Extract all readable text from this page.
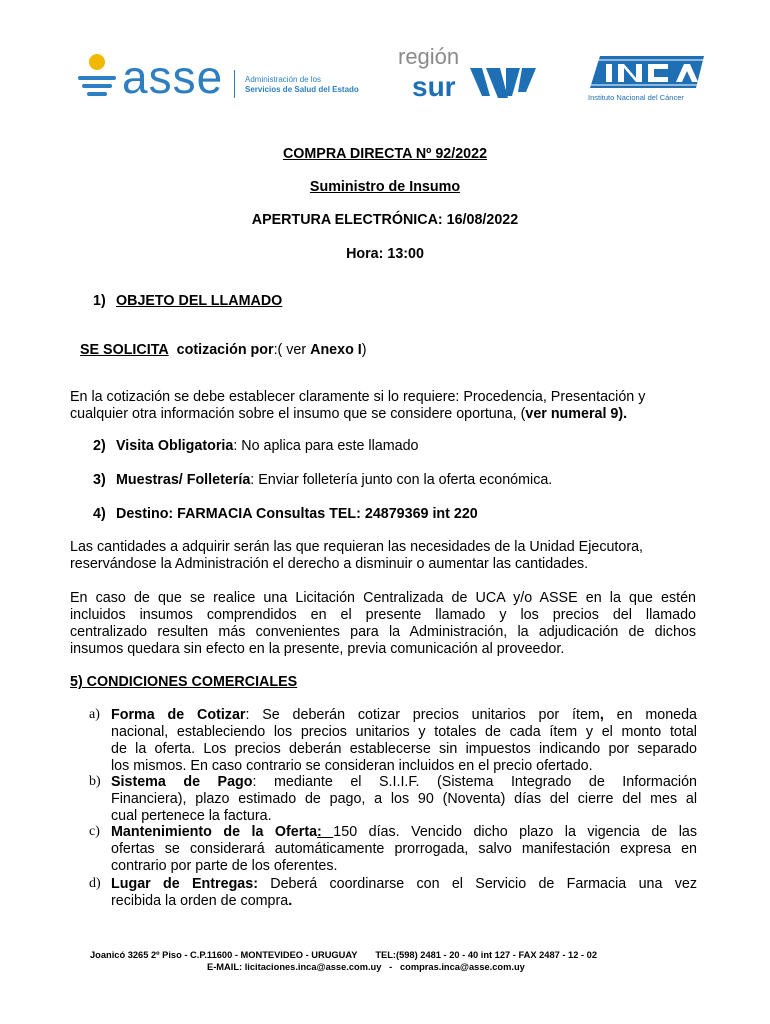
asse	Administración de los
Servicios de Salud del Estado
región
sur	Instituto Nacional del Cáncer
COMPRA DIRECTA Nº 92/2022
Suministro de Insumo
APERTURA ELECTRÓNICA: 16/08/2022
Hora: 13:00
1) OBJETO DEL LLAMADO
SE SOLICITA cotización por:( ver Anexo I)
En la cotización se debe establecer claramente si lo requiere: Procedencia, Presentación y
cualquier otra información sobre el insumo que se considere oportuna, (ver numeral 9).
2) Visita Obligatoria: No aplica para este llamado
3) Muestras/ Folletería: Enviar folletería junto con la oferta económica.
4) Destino: FARMACIA Consultas TEL: 24879369 int 220
Las cantidades a adquirir serán las que requieran las necesidades de la Unidad Ejecutora,
reservándose la Administración el derecho a disminuir o aumentar las cantidades.
En caso de que se realice una Licitación Centralizada de UCA y/o ASSE en la que estén
incluidos insumos comprendidos en el presente llamado y los precios del llamado
centralizado resulten más convenientes para la Administración, la adjudicación de dichos
insumos quedara sin efecto en la presente, previa comunicación al proveedor.
5) CONDICIONES COMERCIALES
a) Forma de Cotizar: Se deberán cotizar precios unitarios por ítem, en moneda
nacional, estableciendo los precios unitarios y totales de cada ítem y el monto total
de la oferta. Los precios deberán establecerse sin impuestos indicando por separado
los mismos. En caso contrario se consideran incluidos en el precio ofertado.
b) Sistema de Pago: mediante el S.I.I.F. (Sistema Integrado de Información
Financiera), plazo estimado de pago, a los 90 (Noventa) días del cierre del mes al
cual pertenece la factura.
c) Mantenimiento de la Oferta: 150 días. Vencido dicho plazo la vigencia de las
ofertas se considerará automáticamente prorrogada, salvo manifestación expresa en
contrario por parte de los oferentes.
d) Lugar de Entregas: Deberá coordinarse con el Servicio de Farmacia una vez
recibida la orden de compra.
Joanicó 3265 2º Piso - C.P.11600 - MONTEVIDEO - URUGUAY       TEL:(598) 2481 - 20 - 40 int 127 - FAX 2487 - 12 - 02
E-MAIL: licitaciones.inca@asse.com.uy   -   compras.inca@asse.com.uy
